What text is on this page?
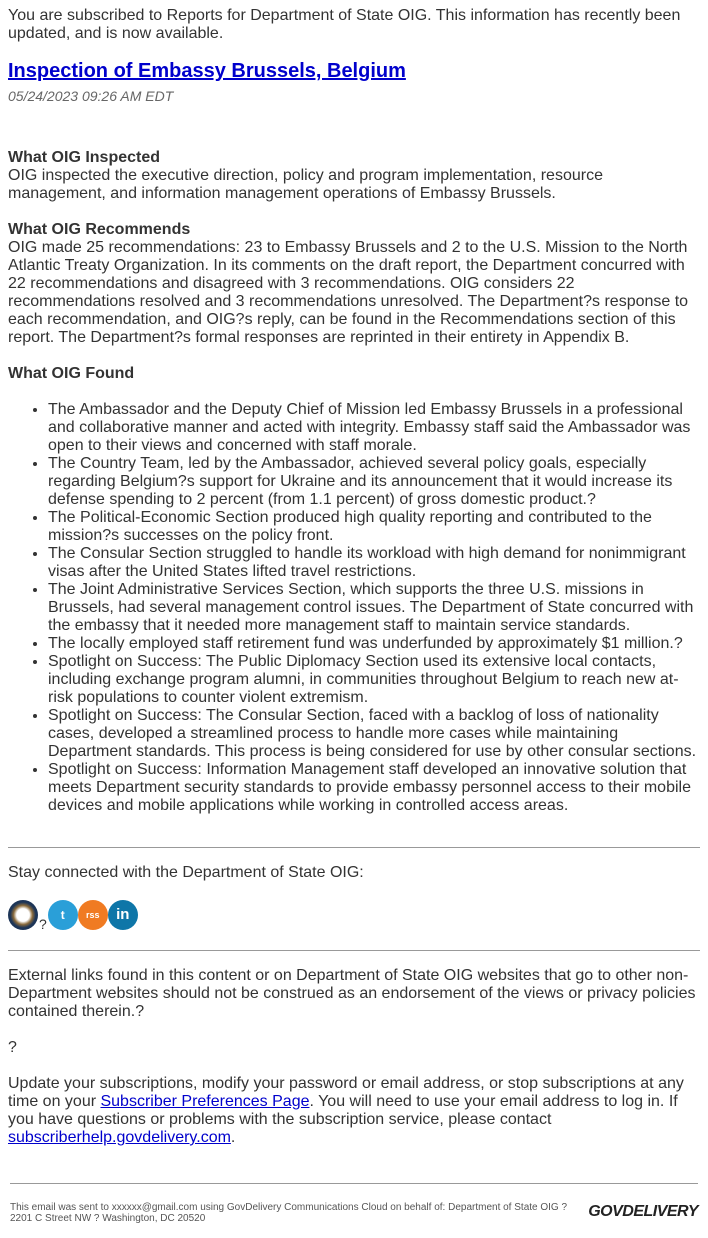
You are subscribed to Reports for Department of State OIG. This information has recently been updated, and is now available.

Inspection of Embassy Brussels, Belgium
05/24/2023 09:26 AM EDT
What OIG Inspected

OIG inspected the executive direction, policy and program implementation, resource management, and information management operations of Embassy Brussels.

What OIG Recommends

OIG made 25 recommendations: 23 to Embassy Brussels and 2 to the U.S. Mission to the North Atlantic Treaty Organization. In its comments on the draft report, the Department concurred with 22 recommendations and disagreed with 3 recommendations. OIG considers 22 recommendations resolved and 3 recommendations unresolved. The Department?s response to each recommendation, and OIG?s reply, can be found in the Recommendations section of this report. The Department?s formal responses are reprinted in their entirety in Appendix B.

What OIG Found
• The Ambassador and the Deputy Chief of Mission led Embassy Brussels in a professional and collaborative manner and acted with integrity. Embassy staff said the Ambassador was open to their views and concerned with staff morale.
• The Country Team, led by the Ambassador, achieved several policy goals, especially regarding Belgium?s support for Ukraine and its announcement that it would increase its defense spending to 2 percent (from 1.1 percent) of gross domestic product.?
• The Political-Economic Section produced high quality reporting and contributed to the mission?s successes on the policy front.
• The Consular Section struggled to handle its workload with high demand for nonimmigrant visas after the United States lifted travel restrictions.
• The Joint Administrative Services Section, which supports the three U.S. missions in Brussels, had several management control issues. The Department of State concurred with the embassy that it needed more management staff to maintain service standards.
• The locally employed staff retirement fund was underfunded by approximately $1 million.?
• Spotlight on Success: The Public Diplomacy Section used its extensive local contacts, including exchange program alumni, in communities throughout Belgium to reach new at-risk populations to counter violent extremism.
• Spotlight on Success: The Consular Section, faced with a backlog of loss of nationality cases, developed a streamlined process to handle more cases while maintaining Department standards. This process is being considered for use by other consular sections.
• Spotlight on Success: Information Management staff developed an innovative solution that meets Department security standards to provide embassy personnel access to their mobile devices and mobile applications while working in controlled access areas.

Stay connected with the Department of State OIG:

?
t	rss	in

External links found in this content or on Department of State OIG websites that go to other non-Department websites should not be construed as an endorsement of the views or privacy policies contained therein.?

?

Update your subscriptions, modify your password or email address, or stop subscriptions at any time on your Subscriber Preferences Page. You will need to use your email address to log in. If you have questions or problems with the subscription service, please contact subscriberhelp.govdelivery.com.

This email was sent to xxxxxx@gmail.com using GovDelivery Communications Cloud on behalf of: Department of State OIG ?
2201 C Street NW ? Washington, DC 20520	GOVDELIVERY
